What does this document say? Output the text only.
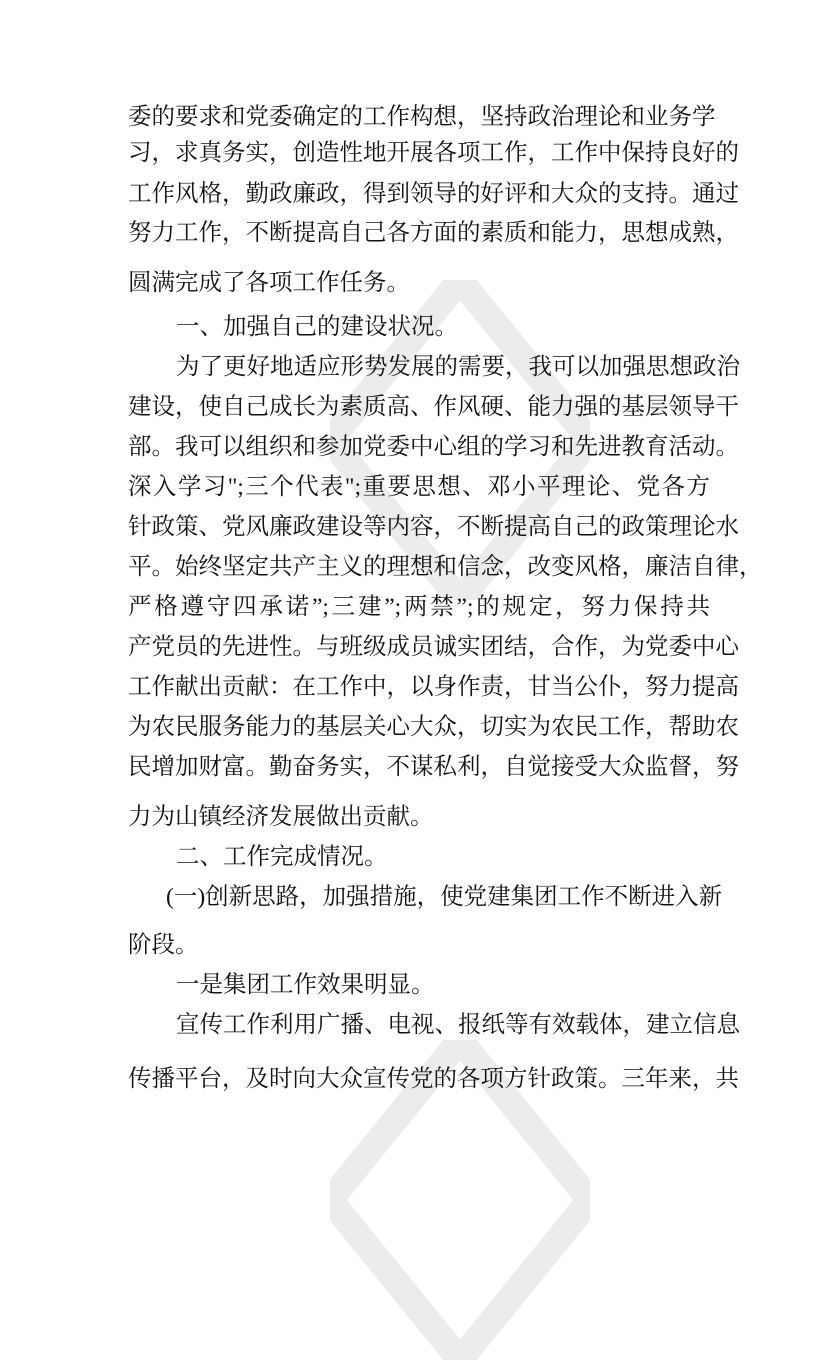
委的要求和党委确定的工作构想，坚持政治理论和业务学
习，求真务实，创造性地开展各项工作，工作中保持良好的
工作风格，勤政廉政，得到领导的好评和大众的支持。通过
努力工作，不断提高自己各方面的素质和能力，思想成熟，
圆满完成了各项工作任务。
一、加强自己的建设状况。
为了更好地适应形势发展的需要，我可以加强思想政治
建设，使自己成长为素质高、作风硬、能力强的基层领导干
部。我可以组织和参加党委中心组的学习和先进教育活动。
深入学习";三个代表";重要思想、邓小平理论、党各方
针政策、党风廉政建设等内容，不断提高自己的政策理论水
平。始终坚定共产主义的理想和信念，改变风格，廉洁自律，
严格遵守四承诺”;三建”;两禁”;的规定，努力保持共
产党员的先进性。与班级成员诚实团结，合作，为党委中心
工作献出贡献：在工作中，以身作责，甘当公仆，努力提高
为农民服务能力的基层关心大众，切实为农民工作，帮助农
民增加财富。勤奋务实，不谋私利，自觉接受大众监督，努
力为山镇经济发展做出贡献。
二、工作完成情况。
(一)创新思路，加强措施，使党建集团工作不断进入新
阶段。
一是集团工作效果明显。
宣传工作利用广播、电视、报纸等有效载体，建立信息
传播平台，及时向大众宣传党的各项方针政策。三年来，共
